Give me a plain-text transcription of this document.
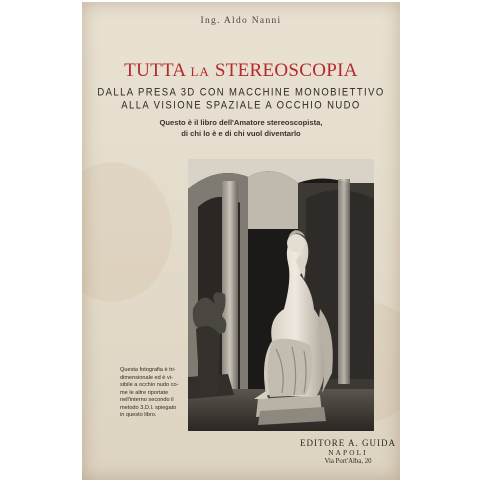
Ing. Aldo Nanni
TUTTA LA STEREOSCOPIA
DALLA PRESA 3D CON MACCHINE MONOBIETTIVO
ALLA VISIONE SPAZIALE A OCCHIO NUDO
Questo è il libro dell'Amatore stereoscopista,
di chi lo è e di chi vuol diventarlo
Questa fotografia è tri-
dimensionale ed è vi-
sibile a occhio nudo co-
me le altre riportate
nell'interno secondo il
metodo 3.D.I. spiegato
in questo libro.
EDITORE A. GUIDA
NAPOLI
Via Port'Alba, 20
